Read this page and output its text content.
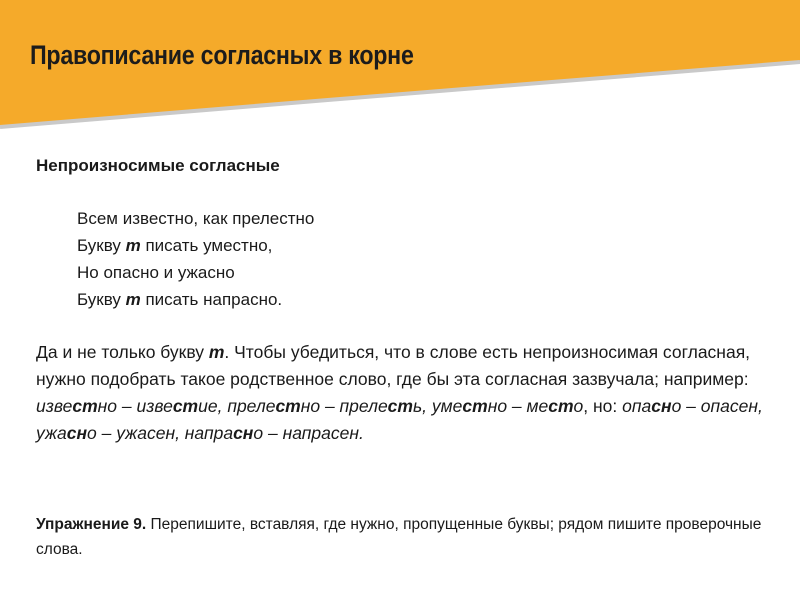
Правописание согласных в корне
Непроизносимые согласные
Всем известно, как прелестно
Букву т писать уместно,
Но опасно и ужасно
Букву т писать напрасно.

Да и не только букву т. Чтобы убедиться, что в слове есть непроизносимая согласная, нужно подобрать такое родственное слово, где бы эта согласная зазвучала; например: известно – известие, прелестно – прелесть, уместно – место, но: опасно – опасен, ужасно – ужасен, напрасно – напрасен.

Упражнение 9. Перепишите, вставляя, где нужно, пропущенные буквы; рядом пишите проверочные слова.
